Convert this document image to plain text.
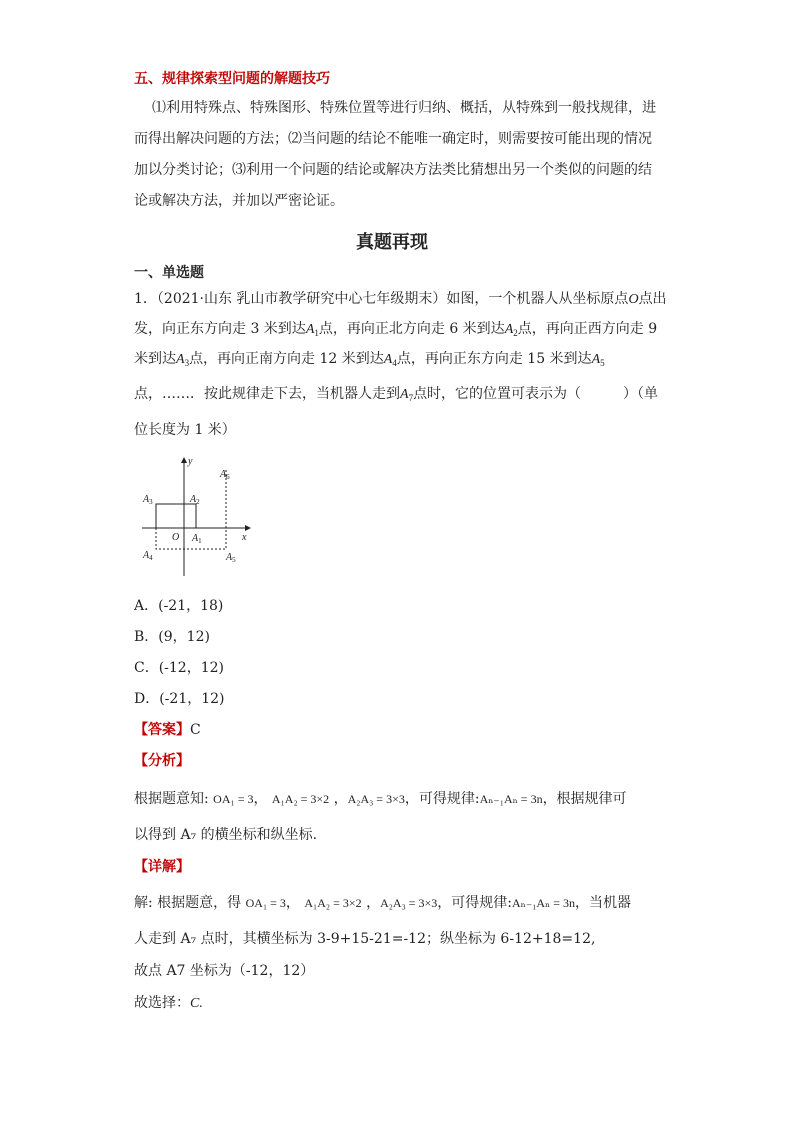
五、规律探索型问题的解题技巧
⑴利用特殊点、特殊图形、特殊位置等进行归纳、概括，从特殊到一般找规律，进
而得出解决问题的方法；⑵当问题的结论不能唯一确定时，则需要按可能出现的情况
加以分类讨论；⑶利用一个问题的结论或解决方法类比猜想出另一个类似的问题的结
论或解决方法，并加以严密论证。
真题再现
一、单选题
1．（2021·山东 乳山市教学研究中心七年级期末）如图，一个机器人从坐标原点O点出
发，向正东方向走 3 米到达$A_1$点，再向正北方向走 6 米到达$A_2$点，再向正西方向走 9
米到达$A_3$点，再向正南方向走 12 米到达$A_4$点，再向正东方向走 15 米到达$A_5$
点，……．按此规律走下去，当机器人走到$A_7$点时，它的位置可表示为（　　　）（单
位长度为 1 米）
y
x
O $A_1$
$A_2$
$A_3$
$A_4$	$A_5$
$A_6$
A．(-21，18)
B．(9，12)
C．(-12，12)
D．(-21，12)
【答案】C
【分析】
根据题意知: OA₁ = 3， A₁A₂ = 3×2 ，A₂A₃ = 3×3，可得规律:Aₙ₋₁Aₙ = 3n，根据规律可
以得到 A₇ 的横坐标和纵坐标.
【详解】
解: 根据题意，得 OA₁ = 3， A₁A₂ = 3×2 ，A₂A₃ = 3×3，可得规律:Aₙ₋₁Aₙ = 3n，当机器
人走到 A₇ 点时，其横坐标为 3-9+15-21=-12；纵坐标为 6-12+18=12,
故点 A7 坐标为（-12，12）
故选择：C.
